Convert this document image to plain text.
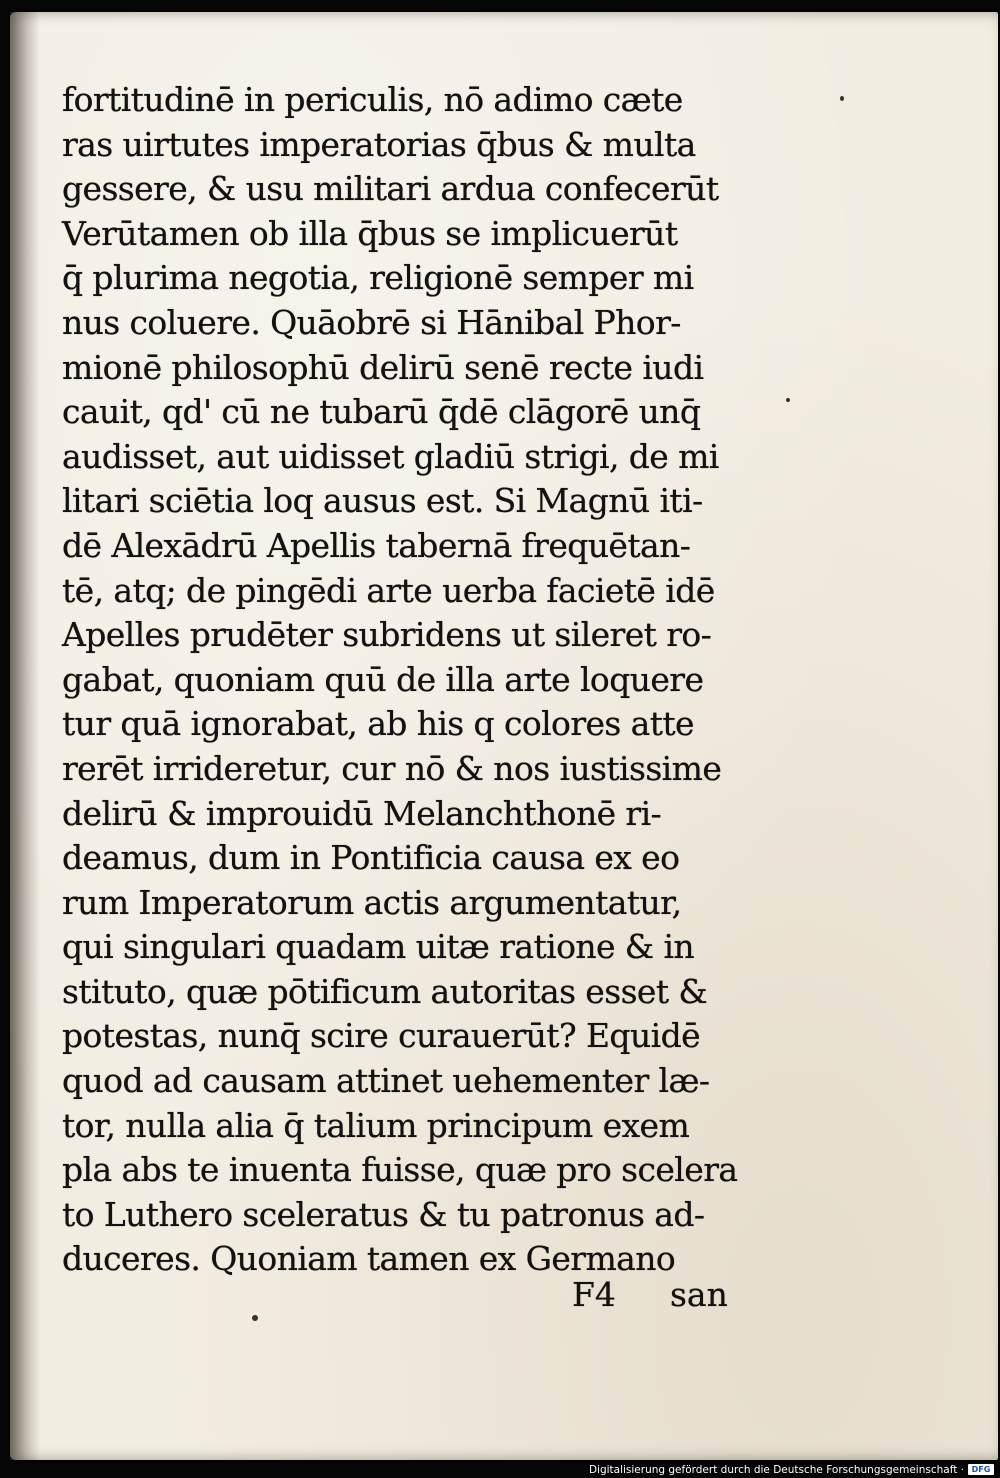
fortitudinē in periculis, nō adimo cæte
ras uirtutes imperatorias q̄bus & multa
gessere, & usu militari ardua confecerūt
Verūtamen ob illa q̄bus se implicuerūt
q̄ plurima negotia, religionē semper mi
nus coluere. Quāobrē si Hānibal Phor-
mionē philosophū delirū senē recte iudi
cauit, qd' cū ne tubarū q̄dē clāgorē unq̄
audisset, aut uidisset gladiū strigi, de mi
litari sciētia loq ausus est. Si Magnū iti-
dē Alexādrū Apellis tabernā frequētan-
tē, atq; de pingēdi arte uerba facietē idē
Apelles prudēter subridens ut sileret ro-
gabat, quoniam quū de illa arte loquere
tur quā ignorabat, ab his q colores atte
rerēt irrideretur, cur nō & nos iustissime
delirū & improuidū Melanchthonē ri-
deamus, dum in Pontificia causa ex eo
rum Imperatorum actis argumentatur,
qui singulari quadam uitæ ratione & in
stituto, quæ pōtificum autoritas esset &
potestas, nunq̄ scire curauerūt? Equidē
quod ad causam attinet uehementer læ-
tor, nulla alia q̄ talium principum exem
pla abs te inuenta fuisse, quæ pro scelera
to Luthero sceleratus & tu patronus ad-
duceres. Quoniam tamen ex Germano
F4 san
Digitalisierung gefördert durch die Deutsche Forschungsgemeinschaft · DFG
